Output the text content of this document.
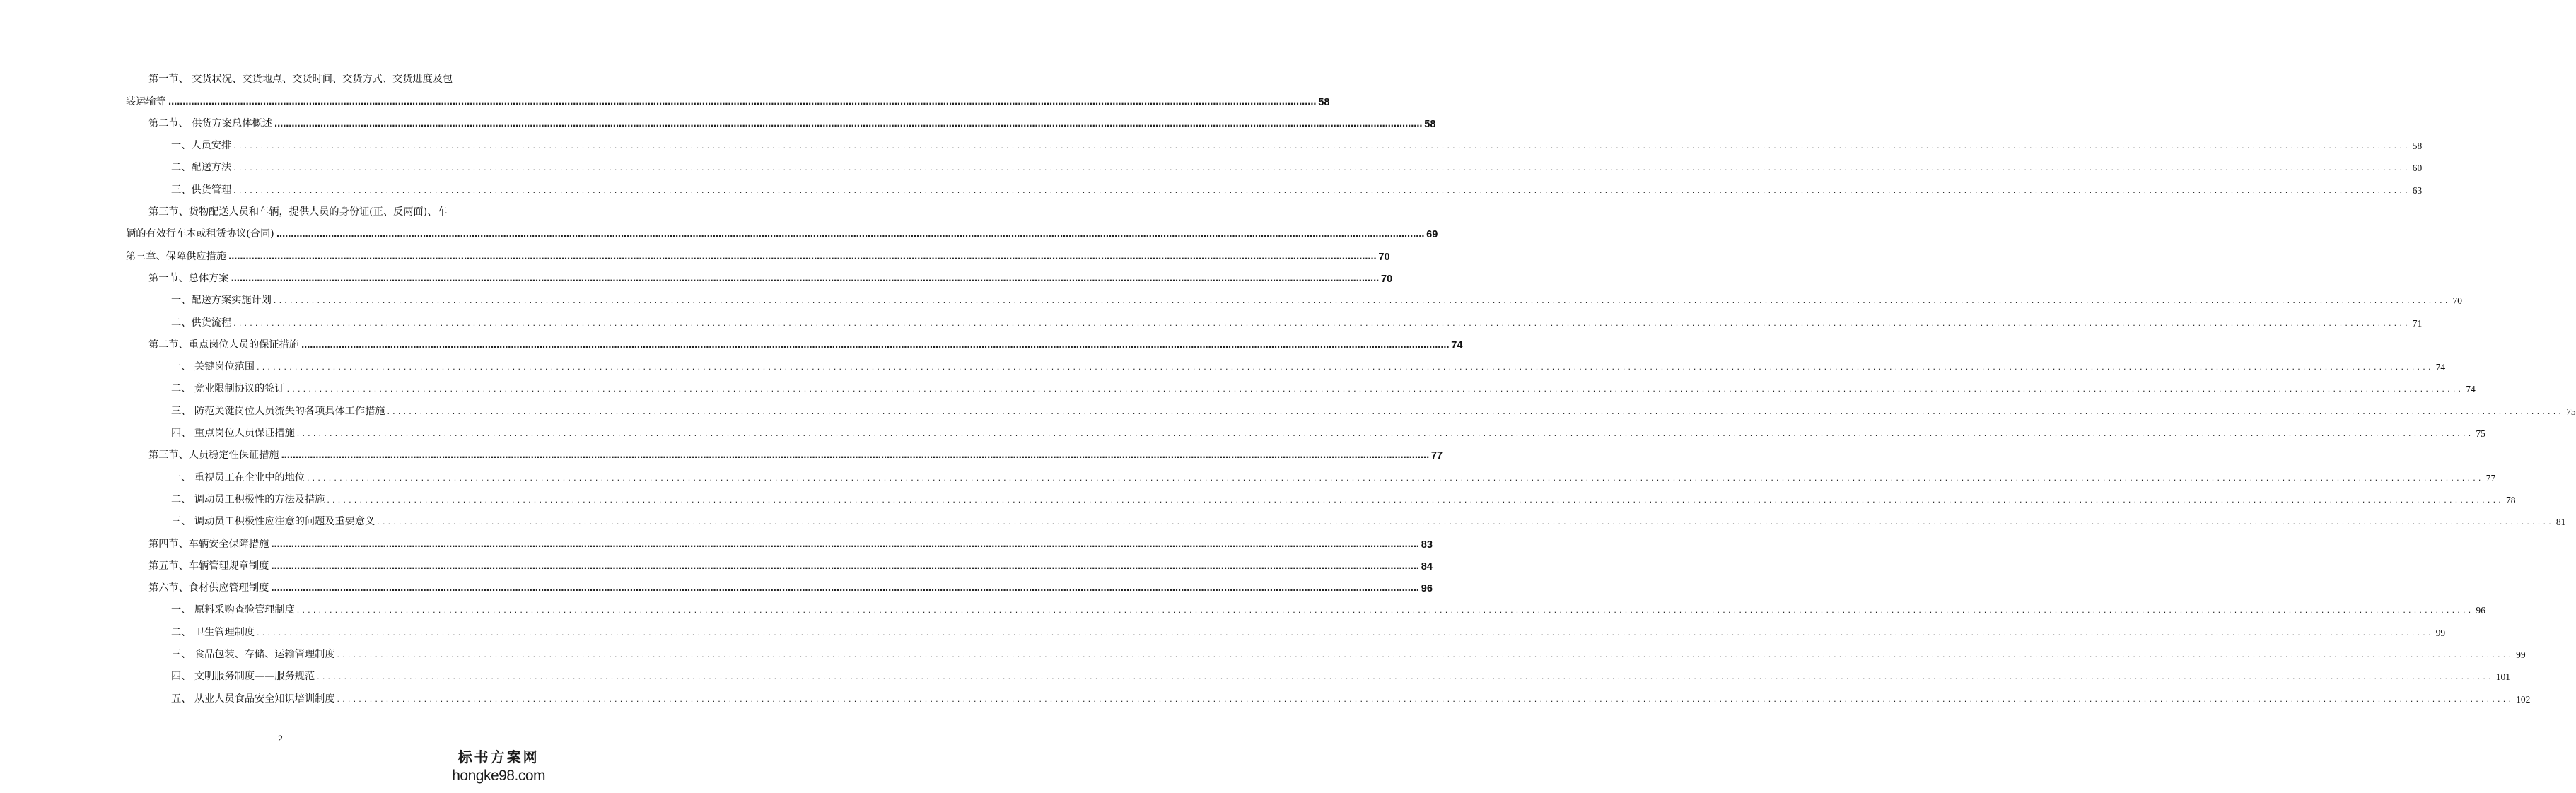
第一节、 交货状况、交货地点、交货时间、交货方式、交货进度及包
装运输等 ................................................................................................................................................................................................................................................................................................................................................................................................................ 58
第二节、 供货方案总体概述 ................................................................................................................................................................................................................................................................................................................................................................................................................ 58
一、人员安排 ................................................................................................................................................................................................................................................................................................................................................................................................................ 58
二、配送方法 ................................................................................................................................................................................................................................................................................................................................................................................................................ 60
三、供货管理 ................................................................................................................................................................................................................................................................................................................................................................................................................ 63
第三节、货物配送人员和车辆，提供人员的身份证(正、反两面)、车
辆的有效行车本或租赁协议(合同) ................................................................................................................................................................................................................................................................................................................................................................................................................ 69
第三章、保障供应措施 ................................................................................................................................................................................................................................................................................................................................................................................................................ 70
第一节、总体方案 ................................................................................................................................................................................................................................................................................................................................................................................................................ 70
一、配送方案实施计划 ................................................................................................................................................................................................................................................................................................................................................................................................................ 70
二、供货流程 ................................................................................................................................................................................................................................................................................................................................................................................................................ 71
第二节、重点岗位人员的保证措施 ................................................................................................................................................................................................................................................................................................................................................................................................................ 74
一、 关键岗位范围 ................................................................................................................................................................................................................................................................................................................................................................................................................ 74
二、 竞业限制协议的签订 ................................................................................................................................................................................................................................................................................................................................................................................................................ 74
三、 防范关键岗位人员流失的各项具体工作措施 ................................................................................................................................................................................................................................................................................................................................................................................................................ 75
四、 重点岗位人员保证措施 ................................................................................................................................................................................................................................................................................................................................................................................................................ 75
第三节、人员稳定性保证措施 ................................................................................................................................................................................................................................................................................................................................................................................................................ 77
一、 重视员工在企业中的地位 ................................................................................................................................................................................................................................................................................................................................................................................................................ 77
二、 调动员工积极性的方法及措施 ................................................................................................................................................................................................................................................................................................................................................................................................................ 78
三、 调动员工积极性应注意的问题及重要意义 ................................................................................................................................................................................................................................................................................................................................................................................................................ 81
第四节、车辆安全保障措施 ................................................................................................................................................................................................................................................................................................................................................................................................................ 83
第五节、车辆管理规章制度 ................................................................................................................................................................................................................................................................................................................................................................................................................ 84
第六节、食材供应管理制度 ................................................................................................................................................................................................................................................................................................................................................................................................................ 96
一、 原料采购查验管理制度 ................................................................................................................................................................................................................................................................................................................................................................................................................ 96
二、 卫生管理制度 ................................................................................................................................................................................................................................................................................................................................................................................................................ 99
三、 食品包装、存储、运输管理制度 ................................................................................................................................................................................................................................................................................................................................................................................................................ 99
四、 文明服务制度——服务规范 ................................................................................................................................................................................................................................................................................................................................................................................................................ 101
五、 从业人员食品安全知识培训制度 ................................................................................................................................................................................................................................................................................................................................................................................................................ 102
2
标书方案网
hongke98.com
